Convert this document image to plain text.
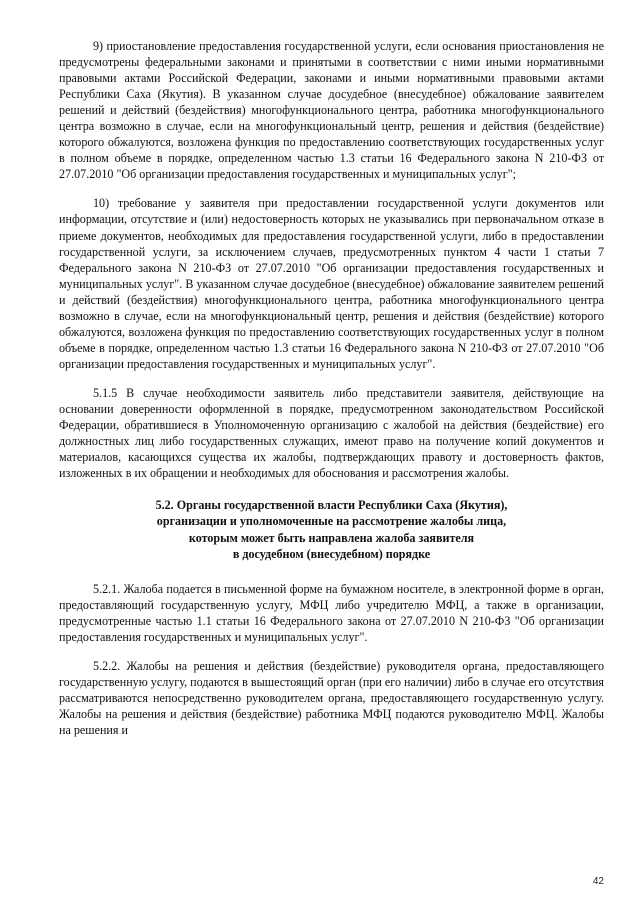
9) приостановление предоставления государственной услуги, если основания приостановления не предусмотрены федеральными законами и принятыми в соответствии с ними иными нормативными правовыми актами Российской Федерации, законами и иными нормативными правовыми актами Республики Саха (Якутия). В указанном случае досудебное (внесудебное) обжалование заявителем решений и действий (бездействия) многофункционального центра, работника многофункционального центра возможно в случае, если на многофункциональный центр, решения и действия (бездействие) которого обжалуются, возложена функция по предоставлению соответствующих государственных услуг в полном объеме в порядке, определенном частью 1.3 статьи 16 Федерального закона N 210-ФЗ от 27.07.2010 "Об организации предоставления государственных и муниципальных услуг";

10) требование у заявителя при предоставлении государственной услуги документов или информации, отсутствие и (или) недостоверность которых не указывались при первоначальном отказе в приеме документов, необходимых для предоставления государственной услуги, либо в предоставлении государственной услуги, за исключением случаев, предусмотренных пунктом 4 части 1 статьи 7 Федерального закона N 210-ФЗ от 27.07.2010 "Об организации предоставления государственных и муниципальных услуг". В указанном случае досудебное (внесудебное) обжалование заявителем решений и действий (бездействия) многофункционального центра, работника многофункционального центра возможно в случае, если на многофункциональный центр, решения и действия (бездействие) которого обжалуются, возложена функция по предоставлению соответствующих государственных услуг в полном объеме в порядке, определенном частью 1.3 статьи 16 Федерального закона N 210-ФЗ от 27.07.2010 "Об организации предоставления государственных и муниципальных услуг".

5.1.5 В случае необходимости заявитель либо представители заявителя, действующие на основании доверенности оформленной в порядке, предусмотренном законодательством Российской Федерации, обратившиеся в Уполномоченную организацию с жалобой на действия (бездействие) его должностных лиц либо государственных служащих, имеют право на получение копий документов и материалов, касающихся существа их жалобы, подтверждающих правоту и достоверность фактов, изложенных в их обращении и необходимых для обоснования и рассмотрения жалобы.

5.2. Органы государственной власти Республики Саха (Якутия),
организации и уполномоченные на рассмотрение жалобы лица,
которым может быть направлена жалоба заявителя
в досудебном (внесудебном) порядке

5.2.1. Жалоба подается в письменной форме на бумажном носителе, в электронной форме в орган, предоставляющий государственную услугу, МФЦ либо учредителю МФЦ, а также в организации, предусмотренные частью 1.1 статьи 16 Федерального закона от 27.07.2010 N 210-ФЗ "Об организации предоставления государственных и муниципальных услуг".

5.2.2. Жалобы на решения и действия (бездействие) руководителя органа, предоставляющего государственную услугу, подаются в вышестоящий орган (при его наличии) либо в случае его отсутствия рассматриваются непосредственно руководителем органа, предоставляющего государственную услугу. Жалобы на решения и действия (бездействие) работника МФЦ подаются руководителю МФЦ. Жалобы на решения и

42
